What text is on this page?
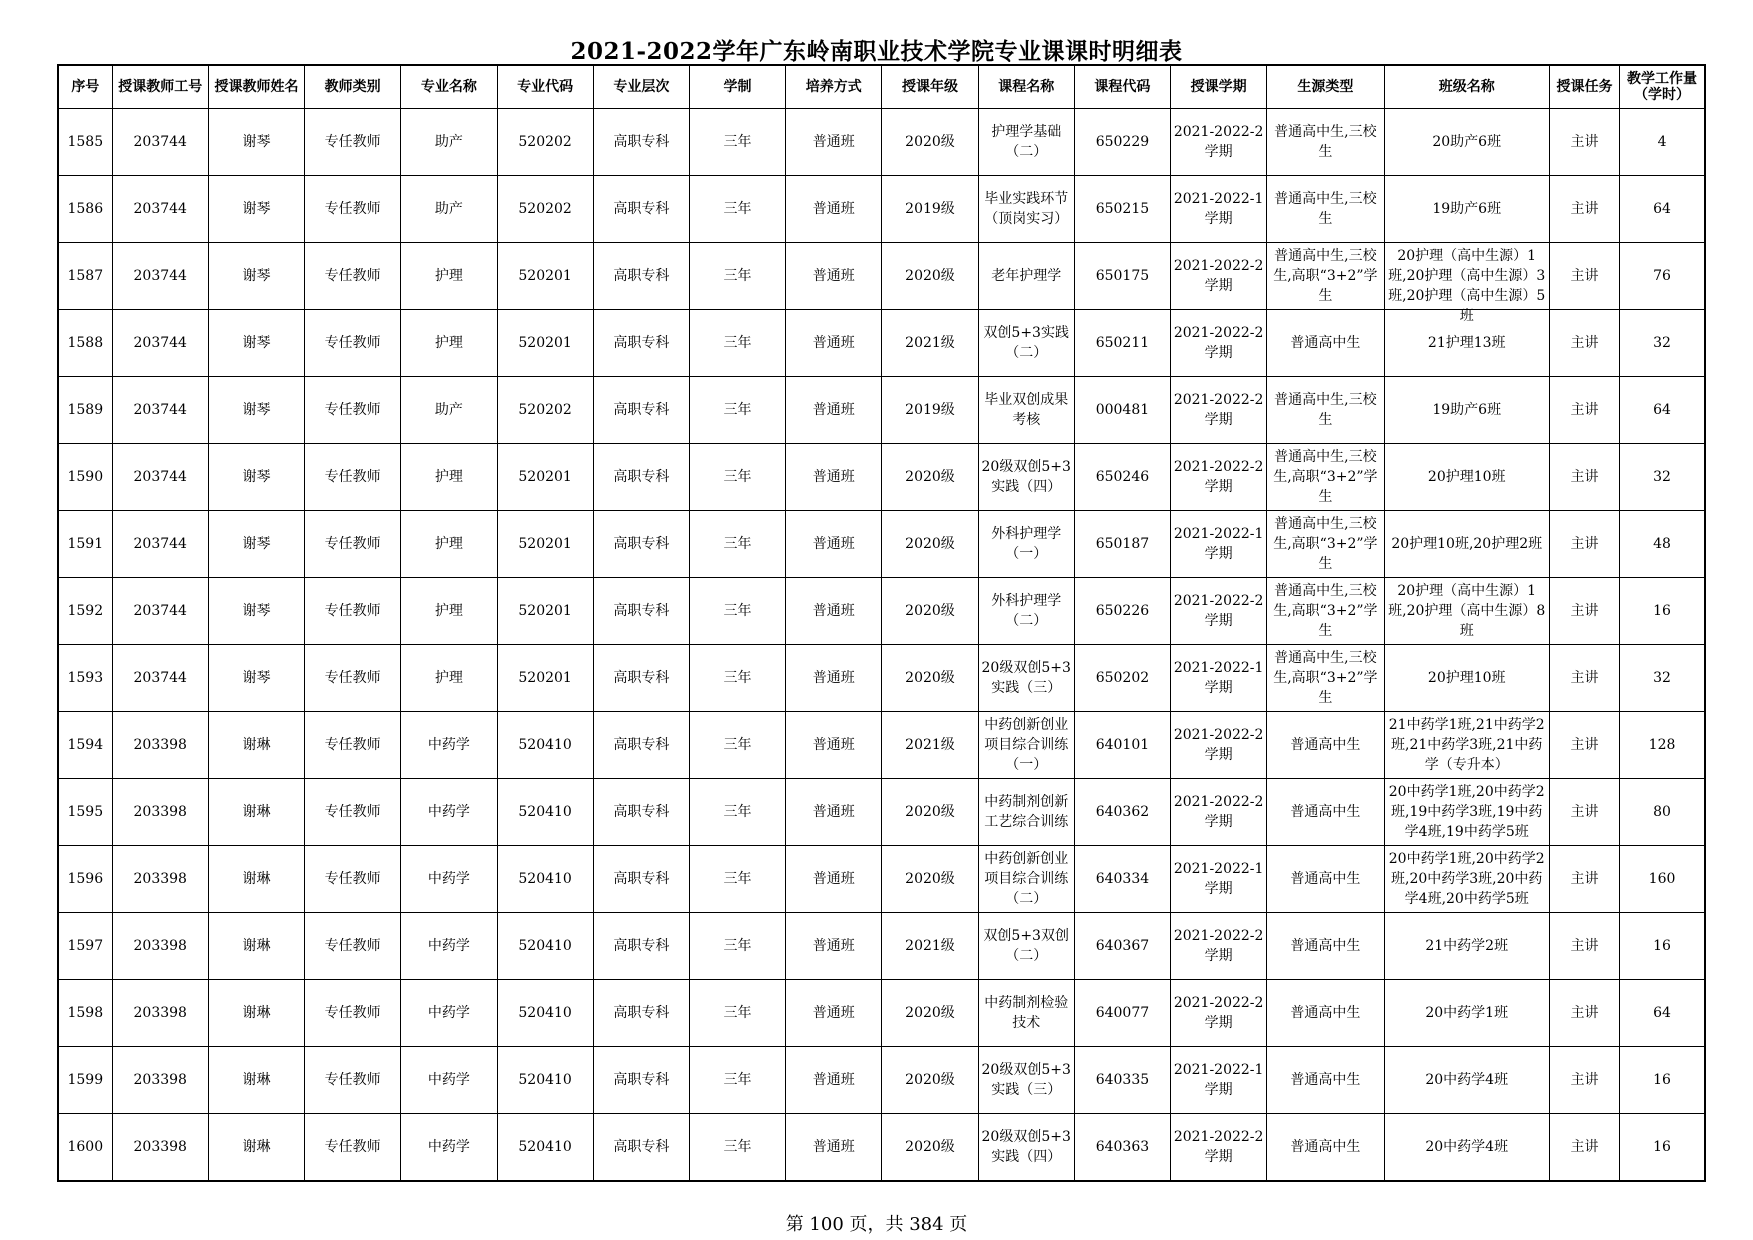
2021-2022学年广东岭南职业技术学院专业课课时明细表
序号	授课教师工号	授课教师姓名	教师类别	专业名称	专业代码	专业层次	学制	培养方式	授课年级	课程名称	课程代码	授课学期	生源类型	班级名称	授课任务	教学工作量（学时）

1585	203744	谢琴	专任教师	助产	520202	高职专科	三年	普通班	2020级	护理学基础（二）	650229	2021-2022-2学期	普通高中生,三校生	20助产6班	主讲	4

1586	203744	谢琴	专任教师	助产	520202	高职专科	三年	普通班	2019级	毕业实践环节（顶岗实习）	650215	2021-2022-1学期	普通高中生,三校生	19助产6班	主讲	64

1587	203744	谢琴	专任教师	护理	520201	高职专科	三年	普通班	2020级	老年护理学	650175	2021-2022-2学期	普通高中生,三校生,高职“3+2”学生	20护理（高中生源）1班,20护理（高中生源）3班,20护理（高中生源）5班	主讲	76

1588	203744	谢琴	专任教师	护理	520201	高职专科	三年	普通班	2021级	双创5+3实践（二）	650211	2021-2022-2学期	普通高中生	21护理13班	主讲	32

1589	203744	谢琴	专任教师	助产	520202	高职专科	三年	普通班	2019级	毕业双创成果考核	000481	2021-2022-2学期	普通高中生,三校生	19助产6班	主讲	64

1590	203744	谢琴	专任教师	护理	520201	高职专科	三年	普通班	2020级	20级双创5+3实践（四）	650246	2021-2022-2学期	普通高中生,三校生,高职“3+2”学生	20护理10班	主讲	32

1591	203744	谢琴	专任教师	护理	520201	高职专科	三年	普通班	2020级	外科护理学（一）	650187	2021-2022-1学期	普通高中生,三校生,高职“3+2”学生	20护理10班,20护理2班	主讲	48

1592	203744	谢琴	专任教师	护理	520201	高职专科	三年	普通班	2020级	外科护理学（二）	650226	2021-2022-2学期	普通高中生,三校生,高职“3+2”学生	20护理（高中生源）1班,20护理（高中生源）8班	主讲	16

1593	203744	谢琴	专任教师	护理	520201	高职专科	三年	普通班	2020级	20级双创5+3实践（三）	650202	2021-2022-1学期	普通高中生,三校生,高职“3+2”学生	20护理10班	主讲	32

1594	203398	谢琳	专任教师	中药学	520410	高职专科	三年	普通班	2021级	中药创新创业项目综合训练（一）	640101	2021-2022-2学期	普通高中生	21中药学1班,21中药学2班,21中药学3班,21中药学（专升本）	主讲	128

1595	203398	谢琳	专任教师	中药学	520410	高职专科	三年	普通班	2020级	中药制剂创新工艺综合训练	640362	2021-2022-2学期	普通高中生	20中药学1班,20中药学2班,19中药学3班,19中药学4班,19中药学5班	主讲	80

1596	203398	谢琳	专任教师	中药学	520410	高职专科	三年	普通班	2020级	中药创新创业项目综合训练（二）	640334	2021-2022-1学期	普通高中生	20中药学1班,20中药学2班,20中药学3班,20中药学4班,20中药学5班	主讲	160

1597	203398	谢琳	专任教师	中药学	520410	高职专科	三年	普通班	2021级	双创5+3双创（二）	640367	2021-2022-2学期	普通高中生	21中药学2班	主讲	16

1598	203398	谢琳	专任教师	中药学	520410	高职专科	三年	普通班	2020级	中药制剂检验技术	640077	2021-2022-2学期	普通高中生	20中药学1班	主讲	64

1599	203398	谢琳	专任教师	中药学	520410	高职专科	三年	普通班	2020级	20级双创5+3实践（三）	640335	2021-2022-1学期	普通高中生	20中药学4班	主讲	16

1600	203398	谢琳	专任教师	中药学	520410	高职专科	三年	普通班	2020级	20级双创5+3实践（四）	640363	2021-2022-2学期	普通高中生	20中药学4班	主讲	16
第 100 页，共 384 页
